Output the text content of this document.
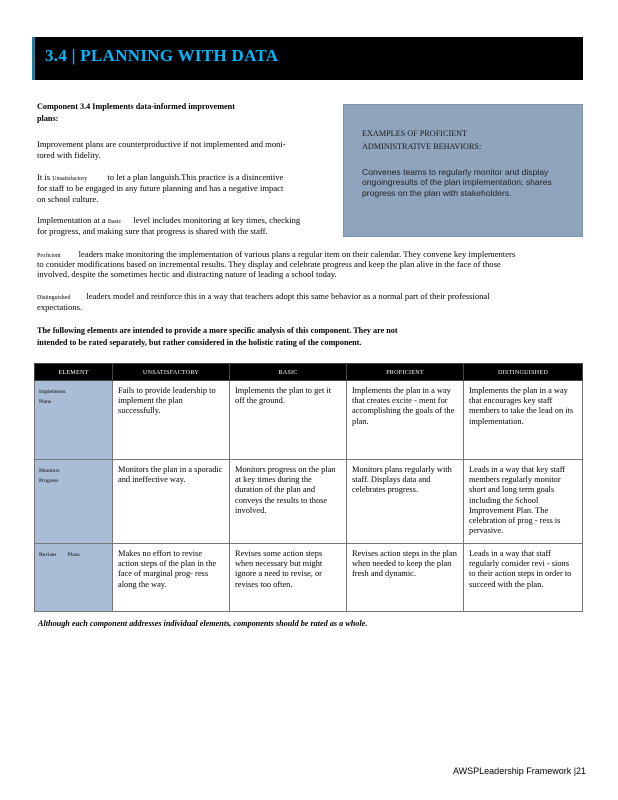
3.4 | PLANNING WITH DATA
Component 3.4 Implements data-informed improvement
plans:
Improvement plans are counterproductive if not implemented and moni-
tored with fidelity.
It is Unsatisfactory to let a plan languish.This practice is a disincentive
for staff to be engaged in any future planning and has a negative impact
on school culture.
Implementation at a Basic level includes monitoring at key times, checking
for progress, and making sure that progress is shared with the staff.
Proficient leaders make monitoring the implementation of various plans a regular item on their calendar. They convene key implementers
to consider modifications based on incremental results. They display and celebrate progress and keep the plan alive in the face of those
involved, despite the sometimes hectic and distracting nature of leading a school today.
Distinguished leaders model and reinforce this in a way that teachers adopt this same behavior as a normal part of their professional
expectations.
The following elements are intended to provide a more specific analysis of this component. They are not
intended to be rated separately, but rather considered in the holistic rating of the component.
EXAMPLES OF PROFICIENT
ADMINISTRATIVE BEHAVIORS:
Convenes teams to regularly monitor and display ongoingresults of the plan implementation; shares progress on the plan with stakeholders.
ELEMENT	UNSATISFACTORY	BASIC	PROFICIENT	DISTINGUISHED

Implements
Plans	Fails to provide leadership to implement the plan successfully.	Implements the plan to get it off the ground.	Implements the plan in a way that creates excite - ment for accomplishing the goals of the plan.	Implements the plan in a way that encourages key staff members to take the lead on its implementation.

Monitors
Progress	Monitors the plan in a sporadic and ineffective way.	Monitors progress on the plan at key times during the duration of the plan and conveys the results to those involved.	Monitors plans regularly with staff. Displays data and celebrates progress.	Leads in a way that key staff members regularly monitor short and long term goals including the School Improvement Plan. The celebration of prog - ress is pervasive.

Revises        Plans	Makes no effort to revise action steps of the plan in the face of marginal prog- ress along the way.	Revises some action steps when necessary but might ignore a need to revise, or revises too often.	Revises action steps in the plan when needed to keep the plan fresh and dynamic.	Leads in a way that staff regularly consider revi - sions to their action steps in order to succeed with the plan.
Although each component addresses individual elements, components should be rated as a whole.
AWSPLeadership Framework |21
